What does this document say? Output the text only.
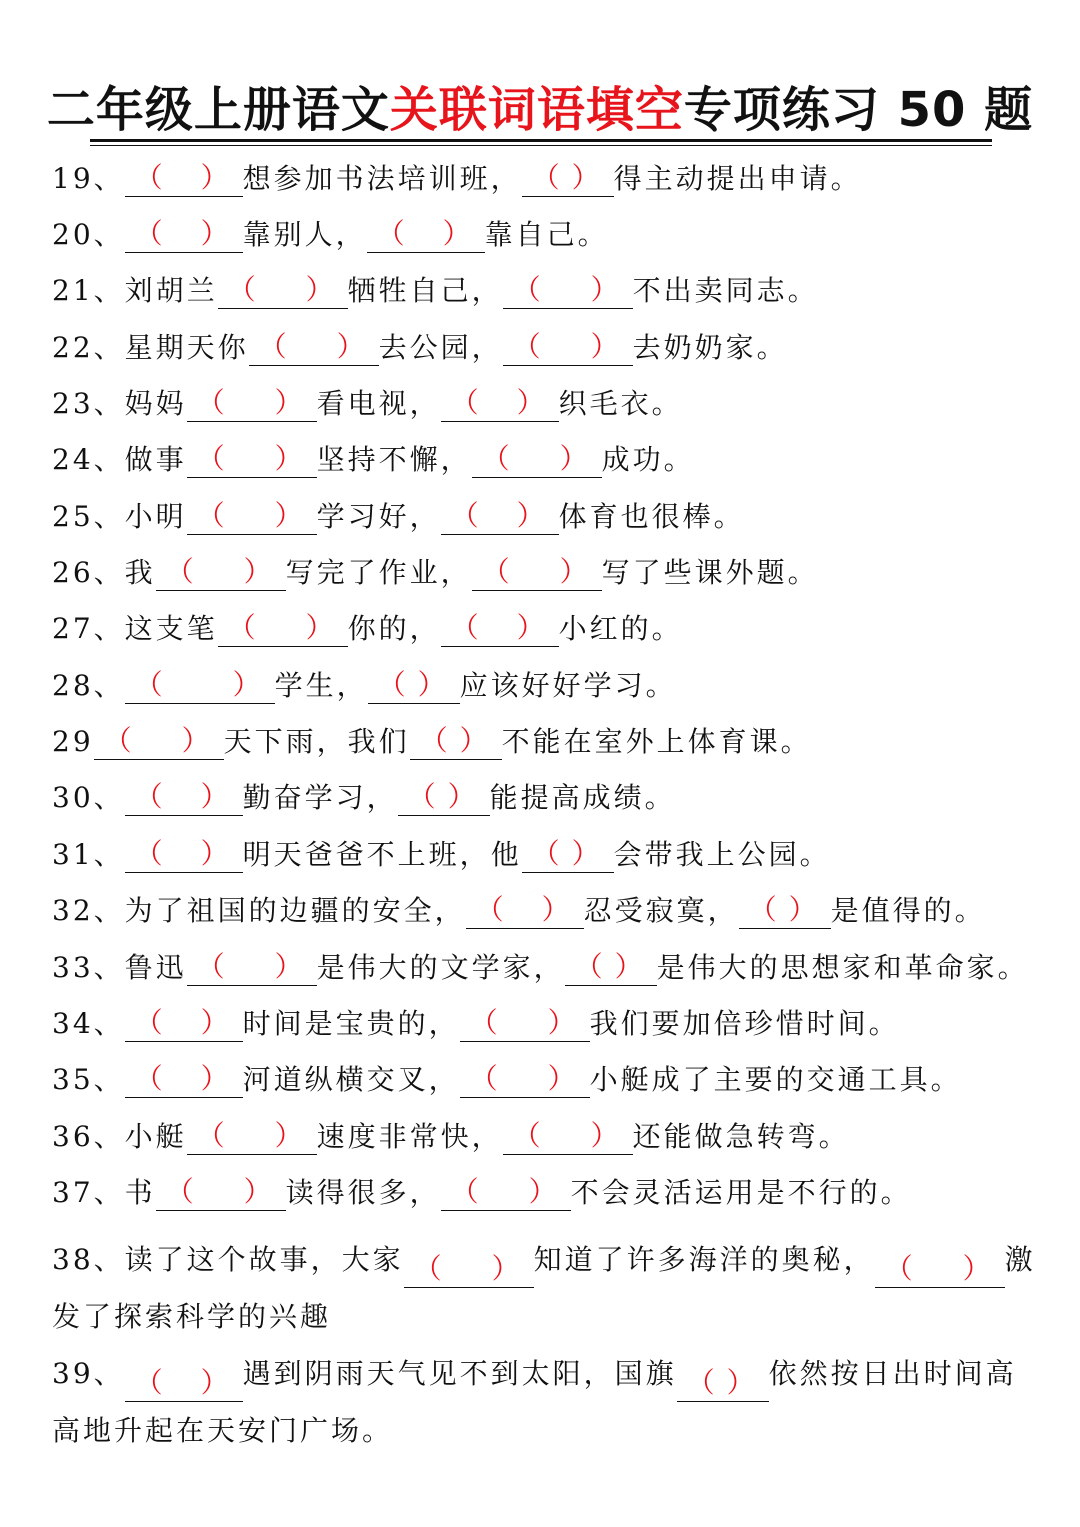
二年级上册语文关联词语填空专项练习 50 题
19、 （ ） 想参加书法培训班， （ ） 得主动提出申请。
20、 （ ） 靠别人， （ ） 靠自己。
21、刘胡兰 （ ） 牺牲自己， （ ） 不出卖同志。
22、星期天你 （ ） 去公园， （ ） 去奶奶家。
23、妈妈 （ ） 看电视， （ ） 织毛衣。
24、做事 （ ） 坚持不懈， （ ） 成功。
25、小明 （ ） 学习好， （ ） 体育也很棒。
26、我 （ ） 写完了作业， （ ） 写了些课外题。
27、这支笔 （ ） 你的， （ ） 小红的。
28、 （ ） 学生， （ ） 应该好好学习。
29 （ ） 天下雨，我们 （ ） 不能在室外上体育课。
30、 （ ） 勤奋学习， （ ） 能提高成绩。
31、 （ ） 明天爸爸不上班，他 （ ） 会带我上公园。
32、为了祖国的边疆的安全， （ ） 忍受寂寞， （ ） 是值得的。
33、鲁迅 （ ） 是伟大的文学家， （ ） 是伟大的思想家和革命家。
34、 （ ） 时间是宝贵的， （ ） 我们要加倍珍惜时间。
35、 （ ） 河道纵横交叉， （ ） 小艇成了主要的交通工具。
36、小艇 （ ） 速度非常快， （ ） 还能做急转弯。
37、书 （ ） 读得很多， （ ） 不会灵活运用是不行的。
38、读了这个故事，大家 （ ） 知道了许多海洋的奥秘， （ ） 激发了探索科学的兴趣
39、 （ ） 遇到阴雨天气见不到太阳，国旗 （ ） 依然按日出时间高高地升起在天安门广场。
